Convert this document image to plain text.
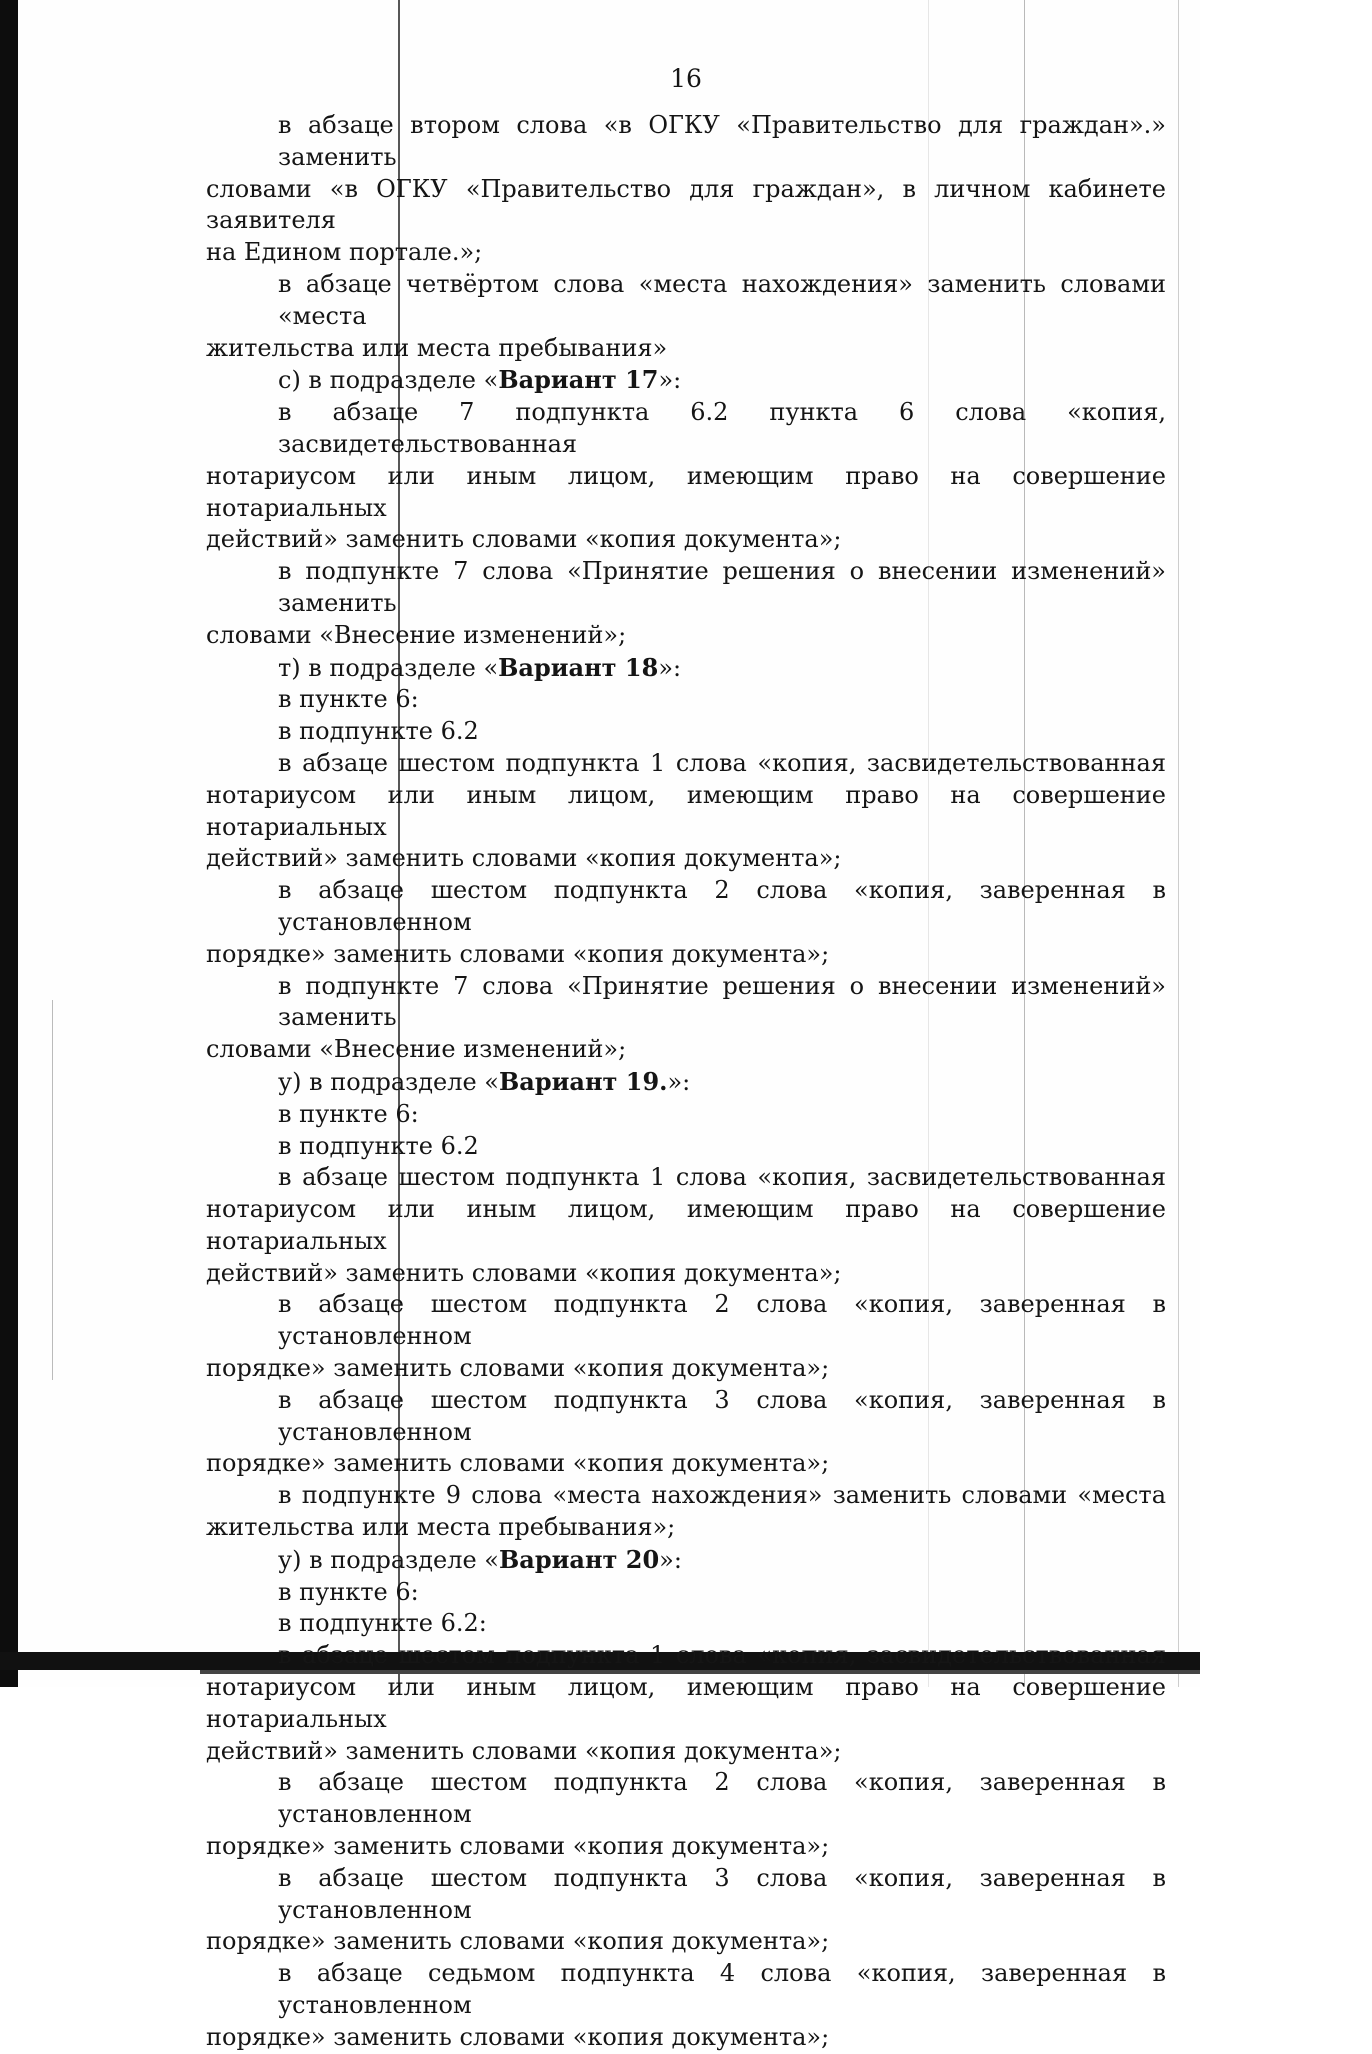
16
в абзаце втором слова «в ОГКУ «Правительство для граждан».» заменить
словами «в ОГКУ «Правительство для граждан», в личном кабинете заявителя
на Едином портале.»;
в абзаце четвёртом слова «места нахождения» заменить словами «места
жительства или места пребывания»
с) в подразделе «Вариант 17»:
в абзаце 7 подпункта 6.2 пункта 6 слова «копия, засвидетельствованная
нотариусом или иным лицом, имеющим право на совершение нотариальных
действий» заменить словами «копия документа»;
в подпункте 7 слова «Принятие решения о внесении изменений» заменить
словами «Внесение изменений»;
т) в подразделе «Вариант 18»:
в пункте 6:
в подпункте 6.2
в абзаце шестом подпункта 1 слова «копия, засвидетельствованная
нотариусом или иным лицом, имеющим право на совершение нотариальных
действий» заменить словами «копия документа»;
в абзаце шестом подпункта 2 слова «копия, заверенная в установленном
порядке» заменить словами «копия документа»;
в подпункте 7 слова «Принятие решения о внесении изменений» заменить
словами «Внесение изменений»;
у) в подразделе «Вариант 19.»:
в пункте 6:
в подпункте 6.2
в абзаце шестом подпункта 1 слова «копия, засвидетельствованная
нотариусом или иным лицом, имеющим право на совершение нотариальных
действий» заменить словами «копия документа»;
в абзаце шестом подпункта 2 слова «копия, заверенная в установленном
порядке» заменить словами «копия документа»;
в абзаце шестом подпункта 3 слова «копия, заверенная в установленном
порядке» заменить словами «копия документа»;
в подпункте 9 слова «места нахождения» заменить словами «места
жительства или места пребывания»;
у) в подразделе «Вариант 20»:
в пункте 6:
в подпункте 6.2:
в абзаце шестом подпункта 1 слова «копия, засвидетельствованная
нотариусом или иным лицом, имеющим право на совершение нотариальных
действий» заменить словами «копия документа»;
в абзаце шестом подпункта 2 слова «копия, заверенная в установленном
порядке» заменить словами «копия документа»;
в абзаце шестом подпункта 3 слова «копия, заверенная в установленном
порядке» заменить словами «копия документа»;
в абзаце седьмом подпункта 4 слова «копия, заверенная в установленном
порядке» заменить словами «копия документа»;
